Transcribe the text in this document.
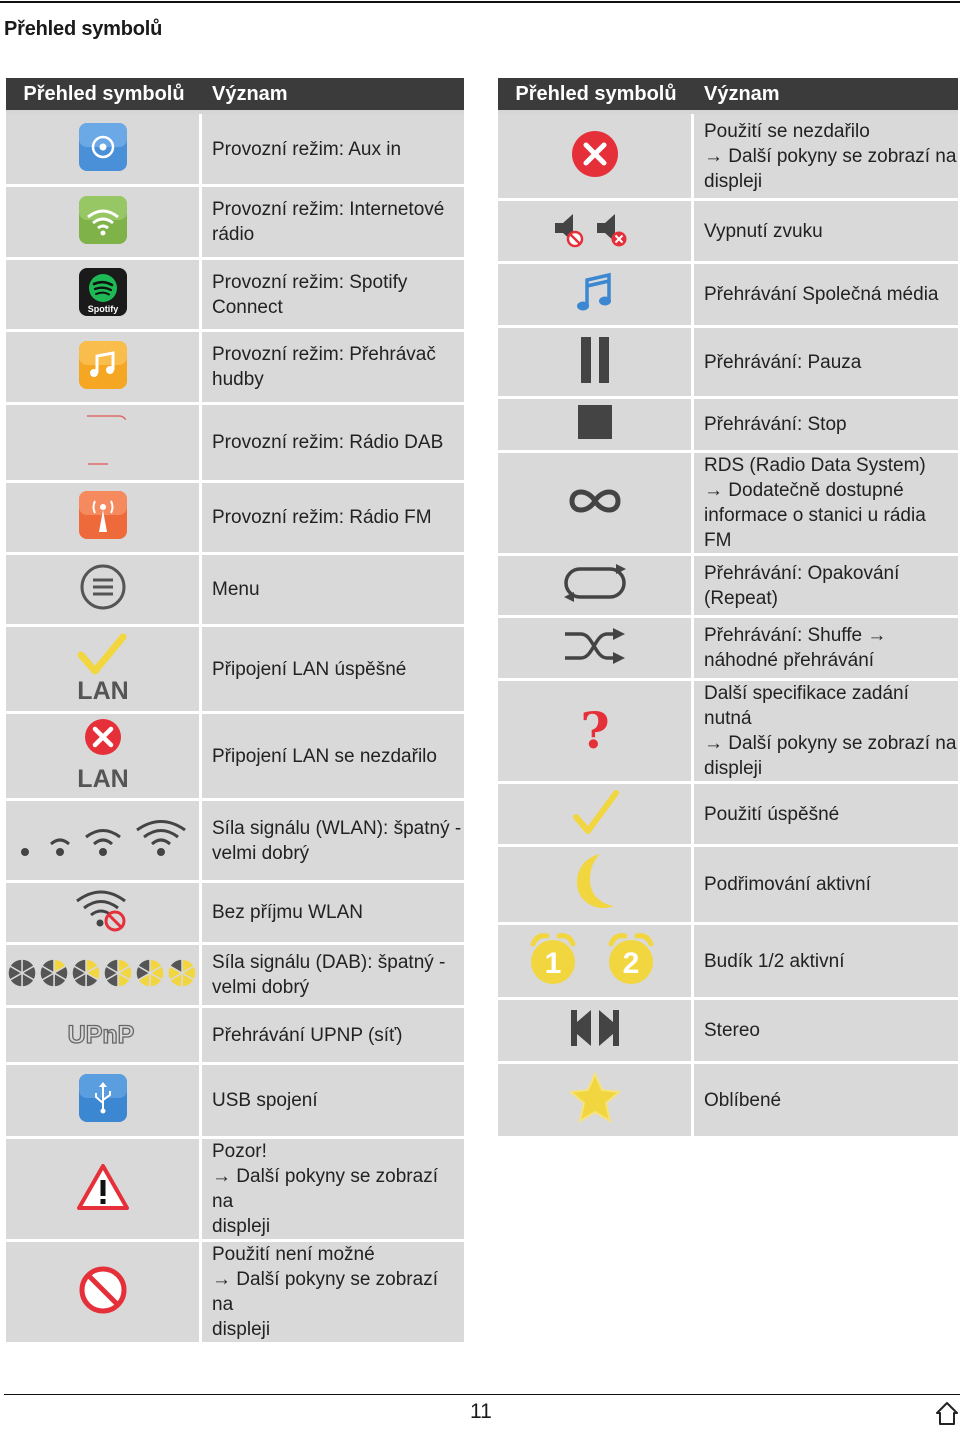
Přehled symbolů
Přehled symbolů	Význam

Provozní režim: Aux in

Provozní režim: Internetové
rádio

Spotify	Provozní režim: Spotify
Connect

Provozní režim: Přehrávač
hudby

Provozní režim: Rádio DAB

Provozní režim: Rádio FM

Menu

LAN	Připojení LAN úspěšné

LAN	Připojení LAN se nezdařilo

Síla signálu (WLAN): špatný -
velmi dobrý

Bez příjmu WLAN

Síla signálu (DAB): špatný -
velmi dobrý

UPnP	Přehrávání UPNP (síť)

USB spojení

Pozor!
→ Další pokyny se zobrazí na
displeji

Použití není možné
→ Další pokyny se zobrazí na
displeji
Přehled symbolů	Význam

Použití se nezdařilo
→ Další pokyny se zobrazí na
displeji

Vypnutí zvuku

Přehrávání Společná média

Přehrávání: Pauza

Přehrávání: Stop

RDS (Radio Data System)
→ Dodatečně dostupné
informace o stanici u rádia FM

Přehrávání: Opakování
(Repeat)

Přehrávání: Shuffe →
náhodné přehrávání

?	Další specifikace zadání nutná
→ Další pokyny se zobrazí na
displeji

Použití úspěšné

Podřimování aktivní

1 2	Budík 1/2 aktivní

Stereo

Oblíbené
11
